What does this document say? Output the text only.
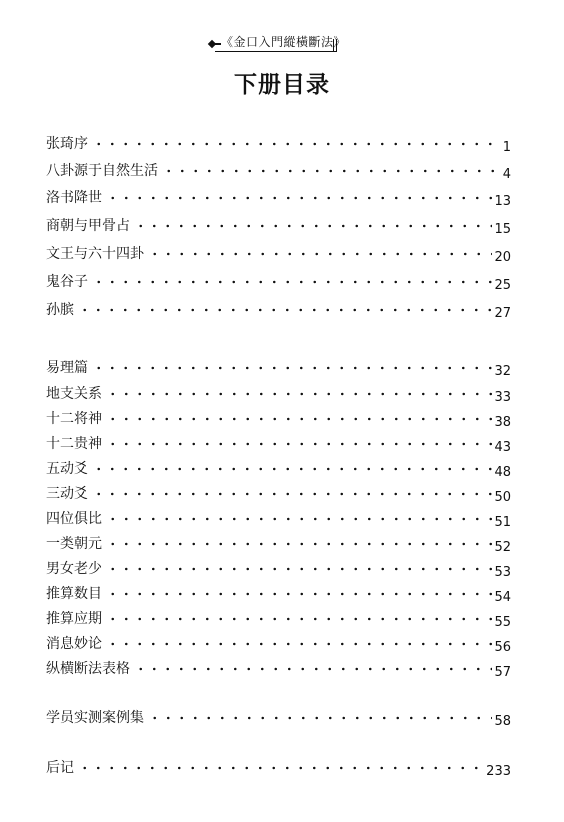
《金口入門縱橫斷法》
下册目录
张琦序	1
八卦源于自然生活	4
洛书降世	13
商朝与甲骨占	15
文王与六十四卦	20
鬼谷子	25
孙膑	27
易理篇	32
地支关系	33
十二将神	38
十二贵神	43
五动爻	48
三动爻	50
四位俱比	51
一类朝元	52
男女老少	53
推算数目	54
推算应期	55
消息妙论	56
纵横断法表格	57
学员实测案例集	58
后记	233
